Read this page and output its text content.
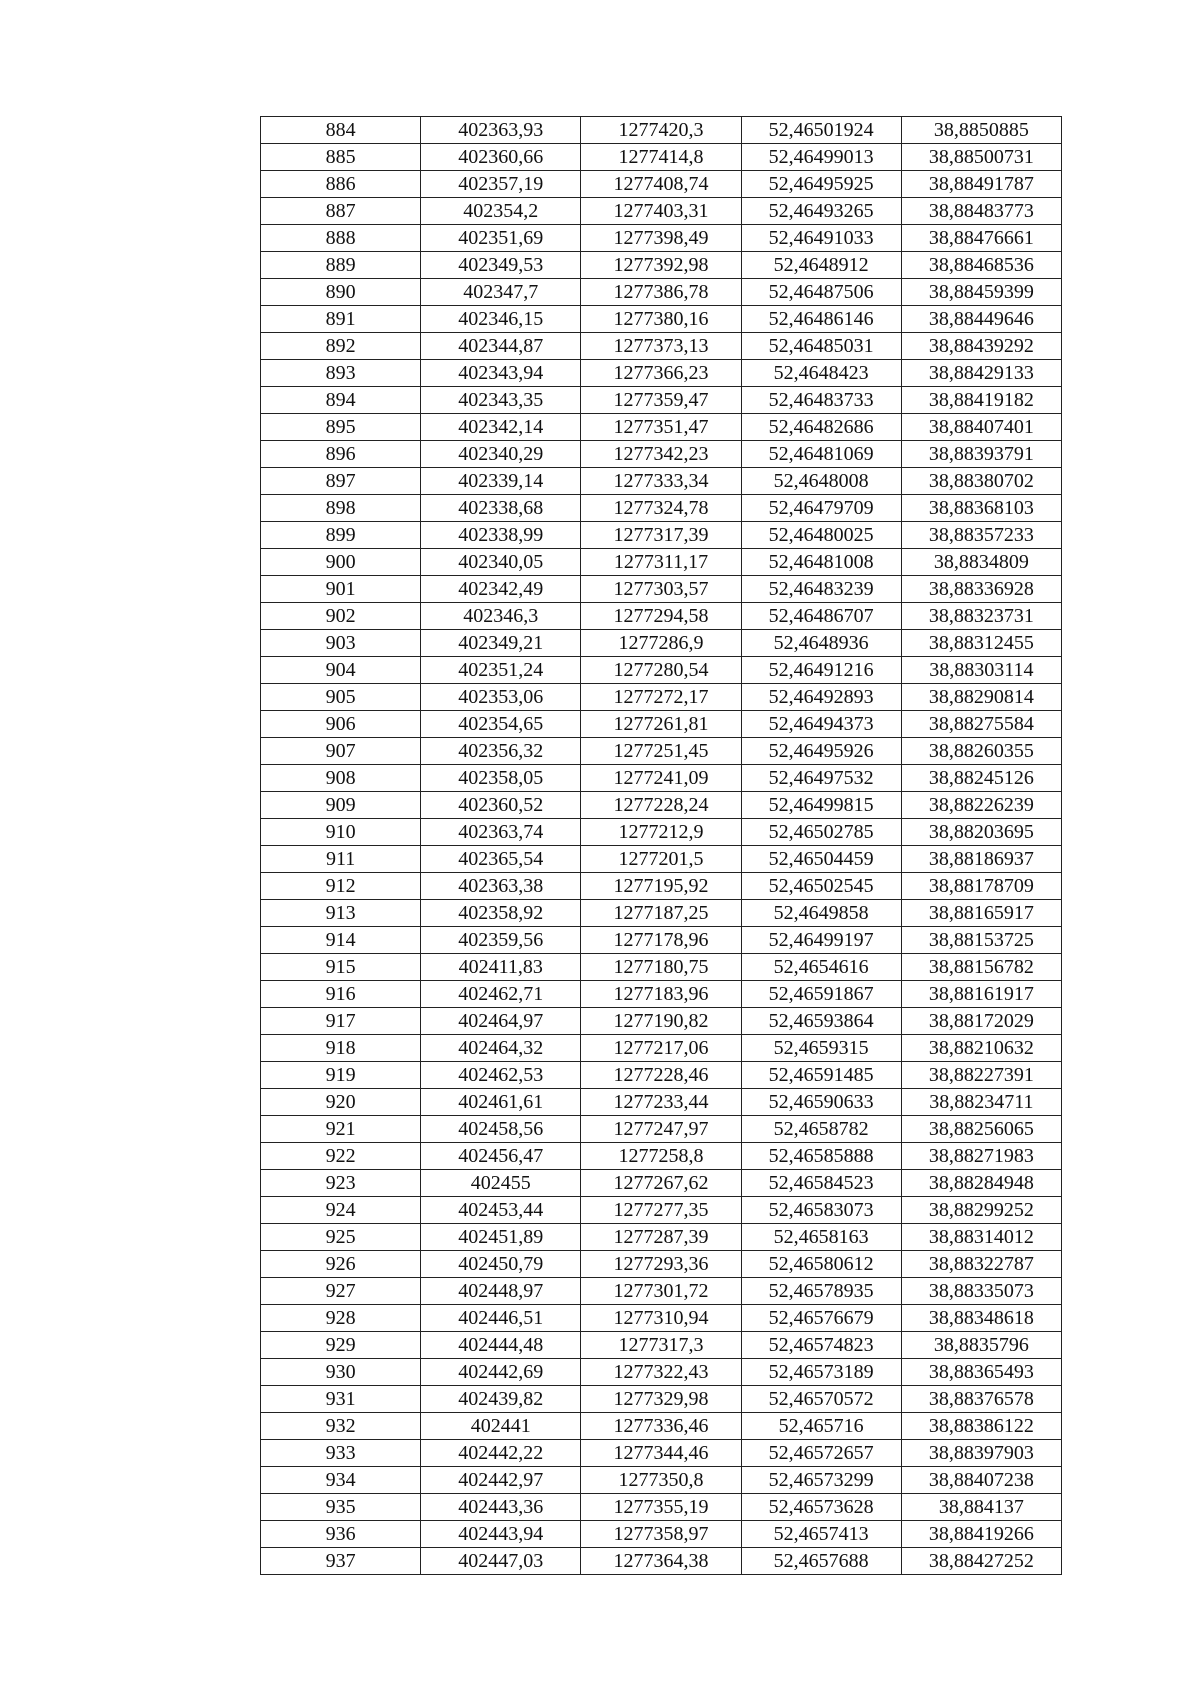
884	402363,93	1277420,3	52,46501924	38,8850885
885	402360,66	1277414,8	52,46499013	38,88500731
886	402357,19	1277408,74	52,46495925	38,88491787
887	402354,2	1277403,31	52,46493265	38,88483773
888	402351,69	1277398,49	52,46491033	38,88476661
889	402349,53	1277392,98	52,4648912	38,88468536
890	402347,7	1277386,78	52,46487506	38,88459399
891	402346,15	1277380,16	52,46486146	38,88449646
892	402344,87	1277373,13	52,46485031	38,88439292
893	402343,94	1277366,23	52,4648423	38,88429133
894	402343,35	1277359,47	52,46483733	38,88419182
895	402342,14	1277351,47	52,46482686	38,88407401
896	402340,29	1277342,23	52,46481069	38,88393791
897	402339,14	1277333,34	52,4648008	38,88380702
898	402338,68	1277324,78	52,46479709	38,88368103
899	402338,99	1277317,39	52,46480025	38,88357233
900	402340,05	1277311,17	52,46481008	38,8834809
901	402342,49	1277303,57	52,46483239	38,88336928
902	402346,3	1277294,58	52,46486707	38,88323731
903	402349,21	1277286,9	52,4648936	38,88312455
904	402351,24	1277280,54	52,46491216	38,88303114
905	402353,06	1277272,17	52,46492893	38,88290814
906	402354,65	1277261,81	52,46494373	38,88275584
907	402356,32	1277251,45	52,46495926	38,88260355
908	402358,05	1277241,09	52,46497532	38,88245126
909	402360,52	1277228,24	52,46499815	38,88226239
910	402363,74	1277212,9	52,46502785	38,88203695
911	402365,54	1277201,5	52,46504459	38,88186937
912	402363,38	1277195,92	52,46502545	38,88178709
913	402358,92	1277187,25	52,4649858	38,88165917
914	402359,56	1277178,96	52,46499197	38,88153725
915	402411,83	1277180,75	52,4654616	38,88156782
916	402462,71	1277183,96	52,46591867	38,88161917
917	402464,97	1277190,82	52,46593864	38,88172029
918	402464,32	1277217,06	52,4659315	38,88210632
919	402462,53	1277228,46	52,46591485	38,88227391
920	402461,61	1277233,44	52,46590633	38,88234711
921	402458,56	1277247,97	52,4658782	38,88256065
922	402456,47	1277258,8	52,46585888	38,88271983
923	402455	1277267,62	52,46584523	38,88284948
924	402453,44	1277277,35	52,46583073	38,88299252
925	402451,89	1277287,39	52,4658163	38,88314012
926	402450,79	1277293,36	52,46580612	38,88322787
927	402448,97	1277301,72	52,46578935	38,88335073
928	402446,51	1277310,94	52,46576679	38,88348618
929	402444,48	1277317,3	52,46574823	38,8835796
930	402442,69	1277322,43	52,46573189	38,88365493
931	402439,82	1277329,98	52,46570572	38,88376578
932	402441	1277336,46	52,465716	38,88386122
933	402442,22	1277344,46	52,46572657	38,88397903
934	402442,97	1277350,8	52,46573299	38,88407238
935	402443,36	1277355,19	52,46573628	38,884137
936	402443,94	1277358,97	52,4657413	38,88419266
937	402447,03	1277364,38	52,4657688	38,88427252
